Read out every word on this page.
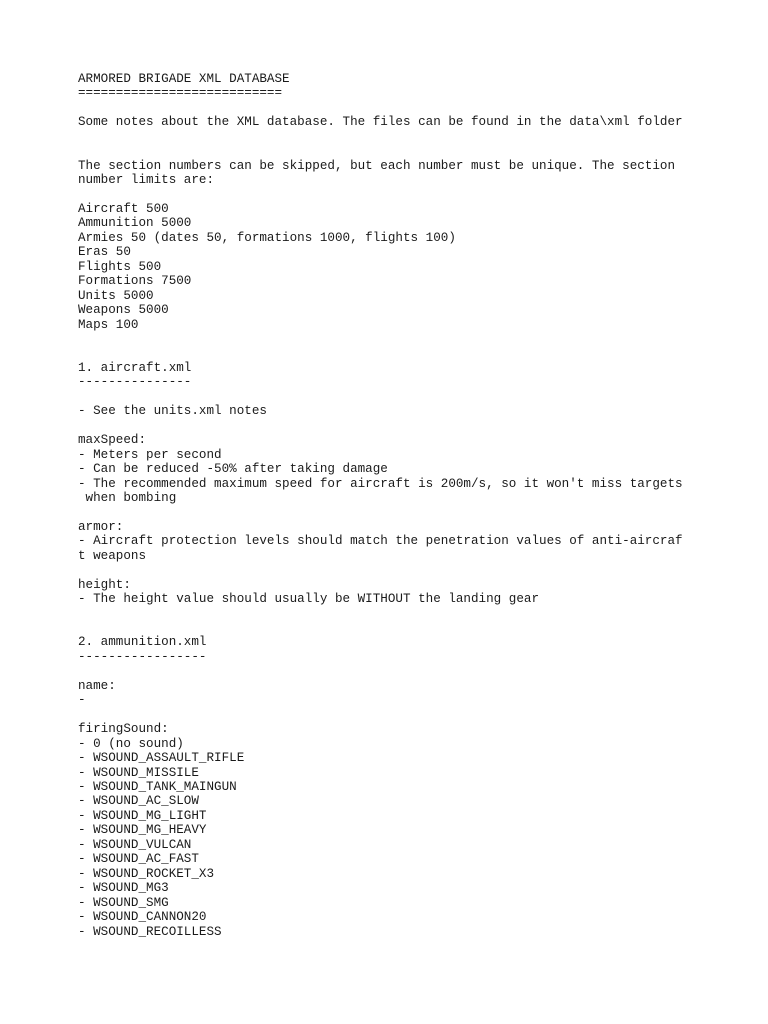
ARMORED BRIGADE XML DATABASE
===========================
Some notes about the XML database. The files can be found in the data\xml folder
The section numbers can be skipped, but each number must be unique. The section
number limits are:
Aircraft 500
Ammunition 5000
Armies 50 (dates 50, formations 1000, flights 100)
Eras 50
Flights 500
Formations 7500
Units 5000
Weapons 5000
Maps 100
1. aircraft.xml
---------------
- See the units.xml notes
maxSpeed:
- Meters per second
- Can be reduced -50% after taking damage
- The recommended maximum speed for aircraft is 200m/s, so it won't miss targets
when bombing
armor:
- Aircraft protection levels should match the penetration values of anti-aircraf
t weapons
height:
- The height value should usually be WITHOUT the landing gear
2. ammunition.xml
-----------------
name:
-
firingSound:
- 0 (no sound)
- WSOUND_ASSAULT_RIFLE
- WSOUND_MISSILE
- WSOUND_TANK_MAINGUN
- WSOUND_AC_SLOW
- WSOUND_MG_LIGHT
- WSOUND_MG_HEAVY
- WSOUND_VULCAN
- WSOUND_AC_FAST
- WSOUND_ROCKET_X3
- WSOUND_MG3
- WSOUND_SMG
- WSOUND_CANNON20
- WSOUND_RECOILLESS
